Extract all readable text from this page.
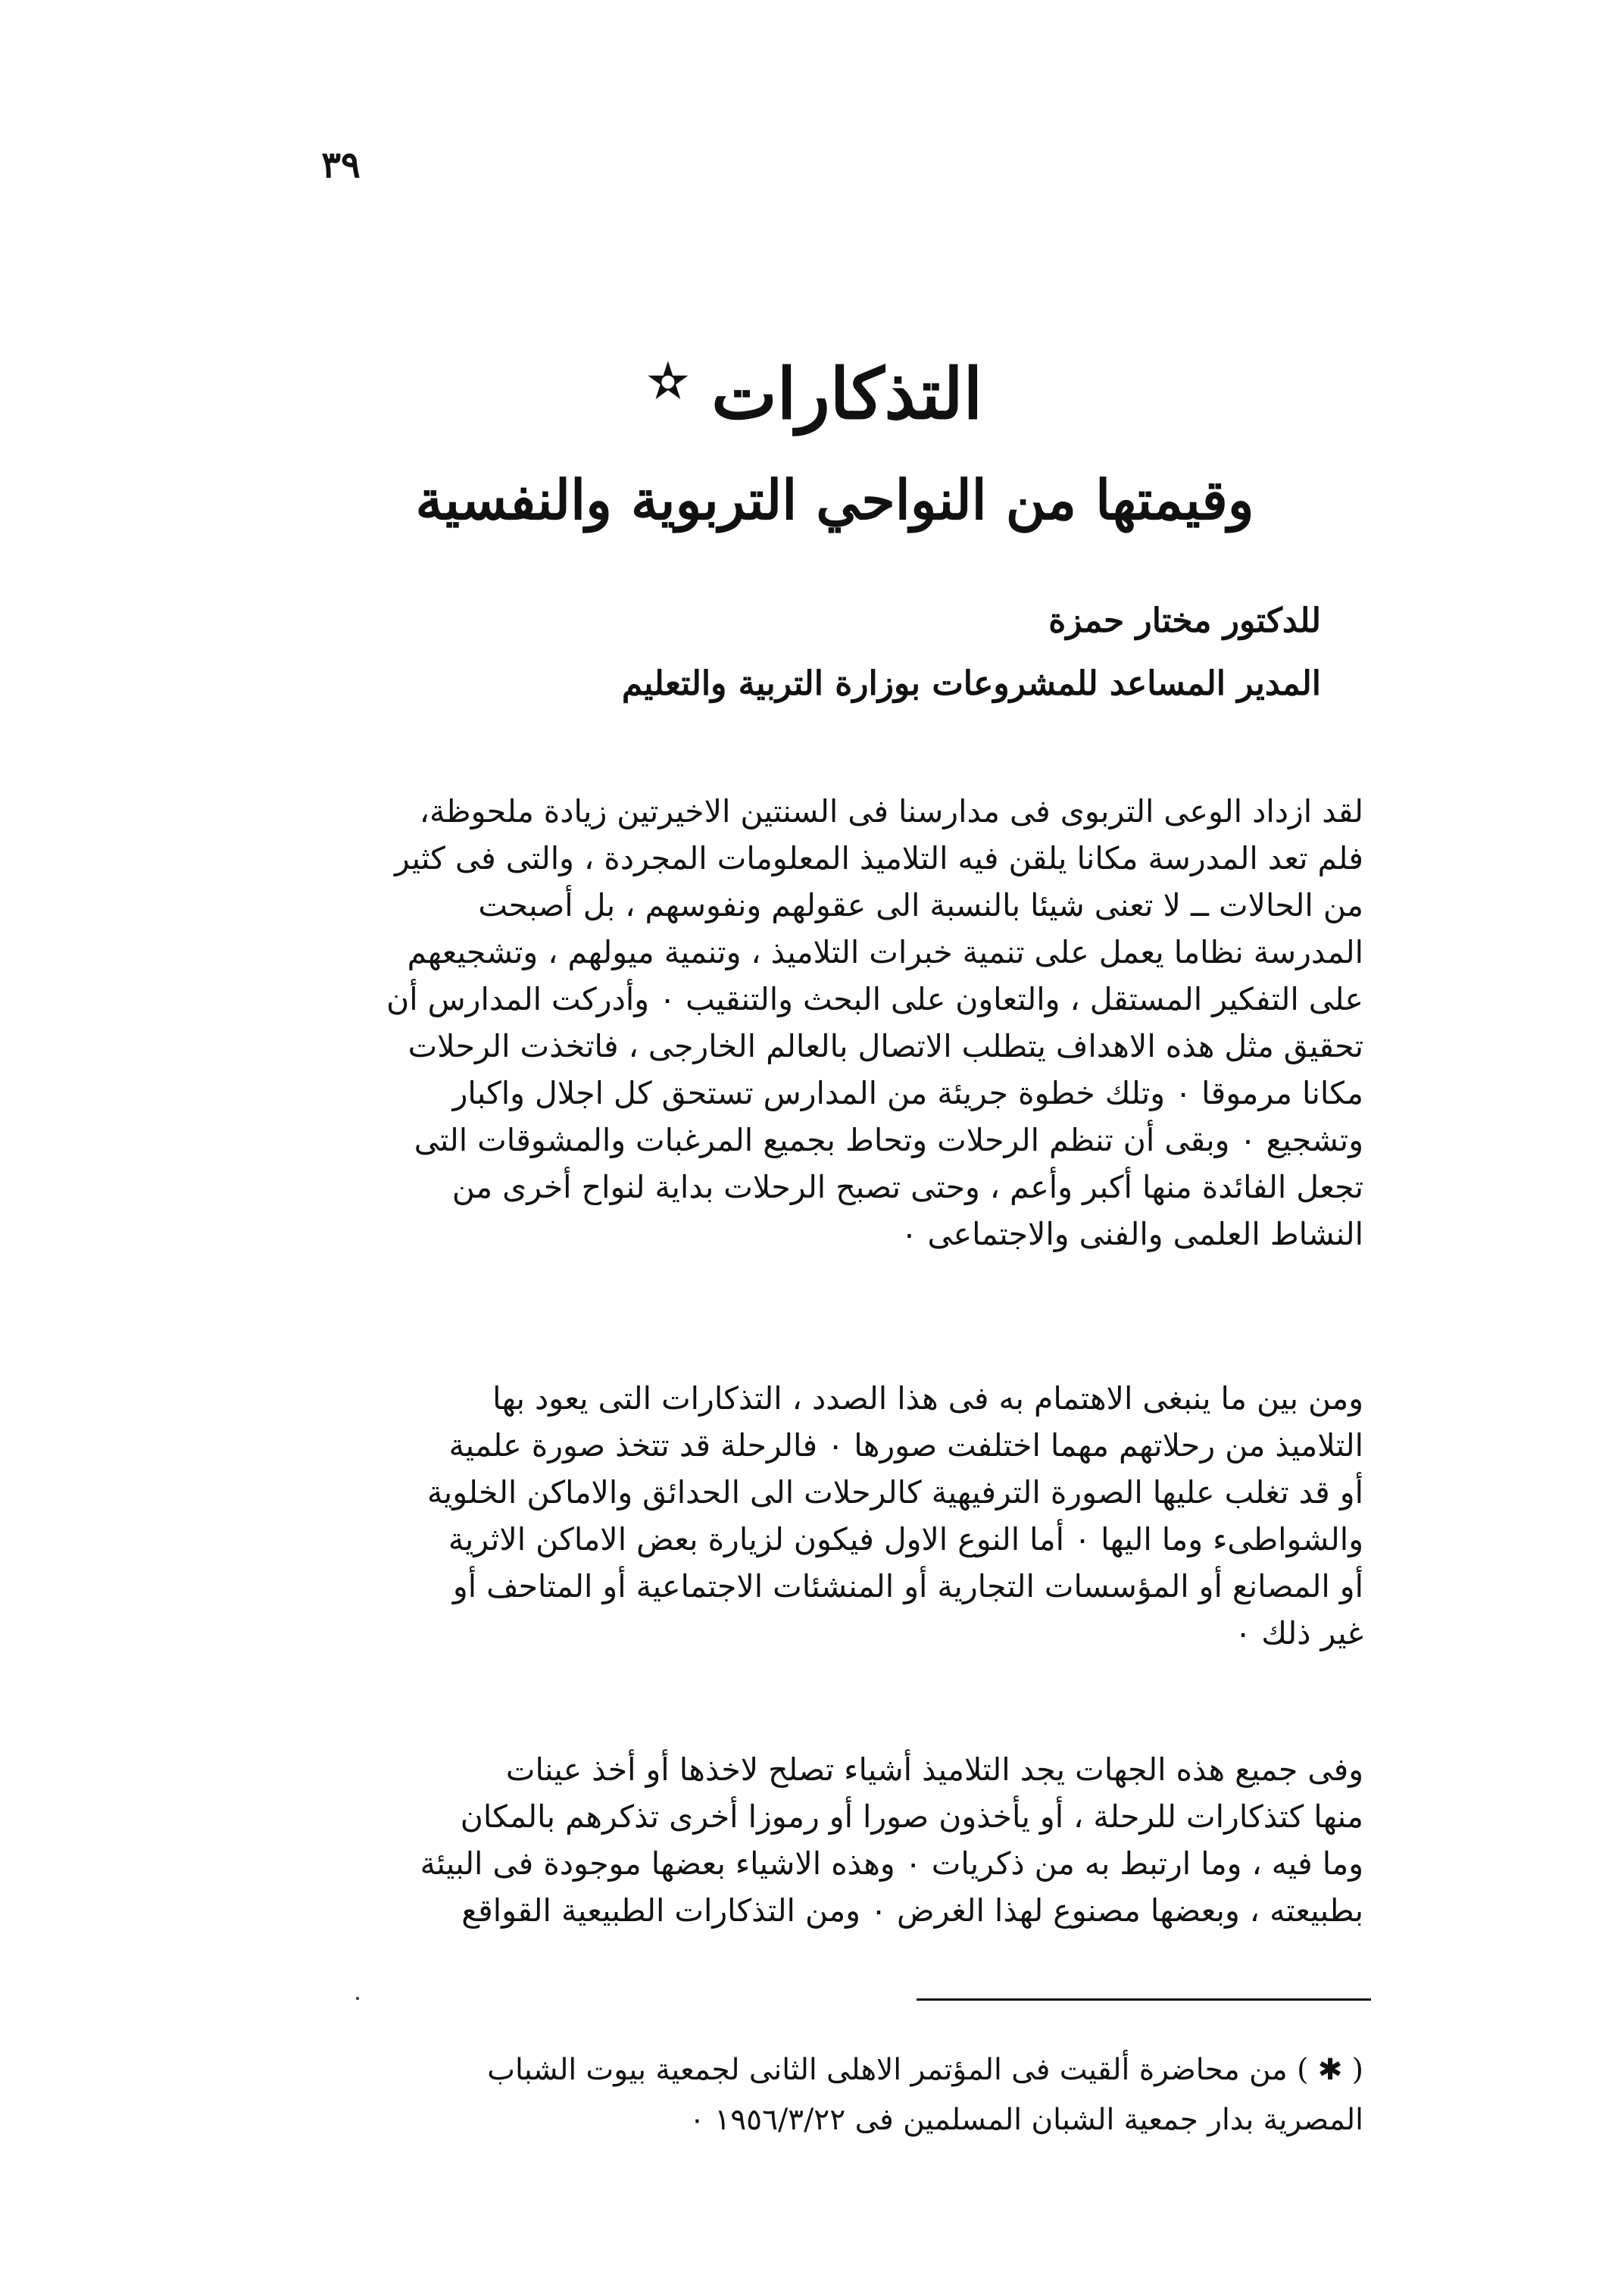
٣٩
التذكارات ✫
وقيمتها من النواحي التربوية والنفسية
للدكتور مختار حمزة
المدير المساعد للمشروعات بوزارة التربية والتعليم
لقد ازداد الوعى التربوى فى مدارسنا فى السنتين الاخيرتين زيادة ملحوظة،
فلم تعد المدرسة مكانا يلقن فيه التلاميذ المعلومات المجردة ، والتى فى كثير
من الحالات ــ لا تعنى شيئا بالنسبة الى عقولهم ونفوسهم ، بل أصبحت
المدرسة نظاما يعمل على تنمية خبرات التلاميذ ، وتنمية ميولهم ، وتشجيعهم
على التفكير المستقل ، والتعاون على البحث والتنقيب ٠ وأدركت المدارس أن
تحقيق مثل هذه الاهداف يتطلب الاتصال بالعالم الخارجى ، فاتخذت الرحلات
مكانا مرموقا ٠ وتلك خطوة جريئة من المدارس تستحق كل اجلال واكبار
وتشجيع ٠ وبقى أن تنظم الرحلات وتحاط بجميع المرغبات والمشوقات التى
تجعل الفائدة منها أكبر وأعم ، وحتى تصبح الرحلات بداية لنواح أخرى من
النشاط العلمى والفنى والاجتماعى ٠
ومن بين ما ينبغى الاهتمام به فى هذا الصدد ، التذكارات التى يعود بها
التلاميذ من رحلاتهم مهما اختلفت صورها ٠ فالرحلة قد تتخذ صورة علمية
أو قد تغلب عليها الصورة الترفيهية كالرحلات الى الحدائق والاماكن الخلوية
والشواطىء وما اليها ٠ أما النوع الاول فيكون لزيارة بعض الاماكن الاثرية
أو المصانع أو المؤسسات التجارية أو المنشئات الاجتماعية أو المتاحف أو
غير ذلك ٠
وفى جميع هذه الجهات يجد التلاميذ أشياء تصلح لاخذها أو أخذ عينات
منها كتذكارات للرحلة ، أو يأخذون صورا أو رموزا أخرى تذكرهم بالمكان
وما فيه ، وما ارتبط به من ذكريات ٠ وهذه الاشياء بعضها موجودة فى البيئة
بطبيعته ، وبعضها مصنوع لهذا الغرض ٠ ومن التذكارات الطبيعية القواقع
( ✱ ) من محاضرة ألقيت فى المؤتمر الاهلى الثانى لجمعية بيوت الشباب
المصرية بدار جمعية الشبان المسلمين فى ١٩٥٦/٣/٢٢ ٠
